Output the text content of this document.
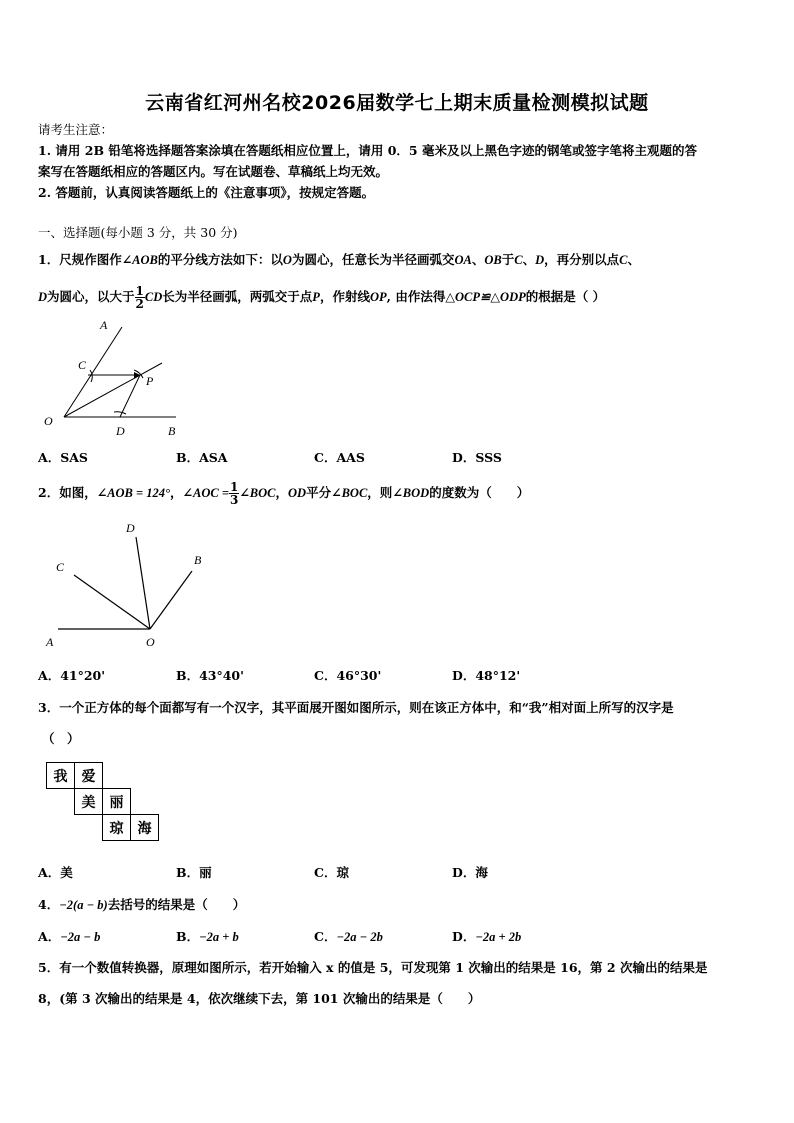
云南省红河州名校2026届数学七上期末质量检测模拟试题
请考生注意：
1. 请用 2B 铅笔将选择题答案涂填在答题纸相应位置上，请用 0．5 毫米及以上黑色字迹的钢笔或签字笔将主观题的答
案写在答题纸相应的答题区内。写在试题卷、草稿纸上均无效。
2. 答题前，认真阅读答题纸上的《注意事项》，按规定答题。
一、选择题(每小题 3 分，共 30 分)
1．尺规作图作∠AOB的平分线方法如下：以O为圆心，任意长为半径画弧交OA、OB于C、D，再分别以点C、
D为圆心，以大于 $\frac{1}{2}$ CD长为半径画弧，两弧交于点P，作射线OP, 由作法得△OCP≌△ODP的根据是（ ）
A
C
P
O
D	B
A．SAS	B．ASA	C．AAS	D．SSS
2．如图，∠AOB = 124°，∠AOC = $\frac{1}{3}$ ∠BOC，OD平分∠BOC，则∠BOD的度数为（　　）
D
C	B
A	O
A．41°20'	B．43°40'	C．46°30'	D．48°12'
3．一个正方体的每个面都写有一个汉字，其平面展开图如图所示，则在该正方体中，和“我”相对面上所写的汉字是
（　）
我	爱		
	美	丽	
		琼	海
A．美	B．丽	C．琼	D．海
4．−2(a − b)去括号的结果是（　　）
A．−2a − b	B．−2a + b	C．−2a − 2b	D．−2a + 2b
5．有一个数值转换器，原理如图所示，若开始输入 x 的值是 5，可发现第 1 次输出的结果是 16，第 2 次输出的结果是
8，(第 3 次输出的结果是 4，依次继续下去，第 101 次输出的结果是（　　）
